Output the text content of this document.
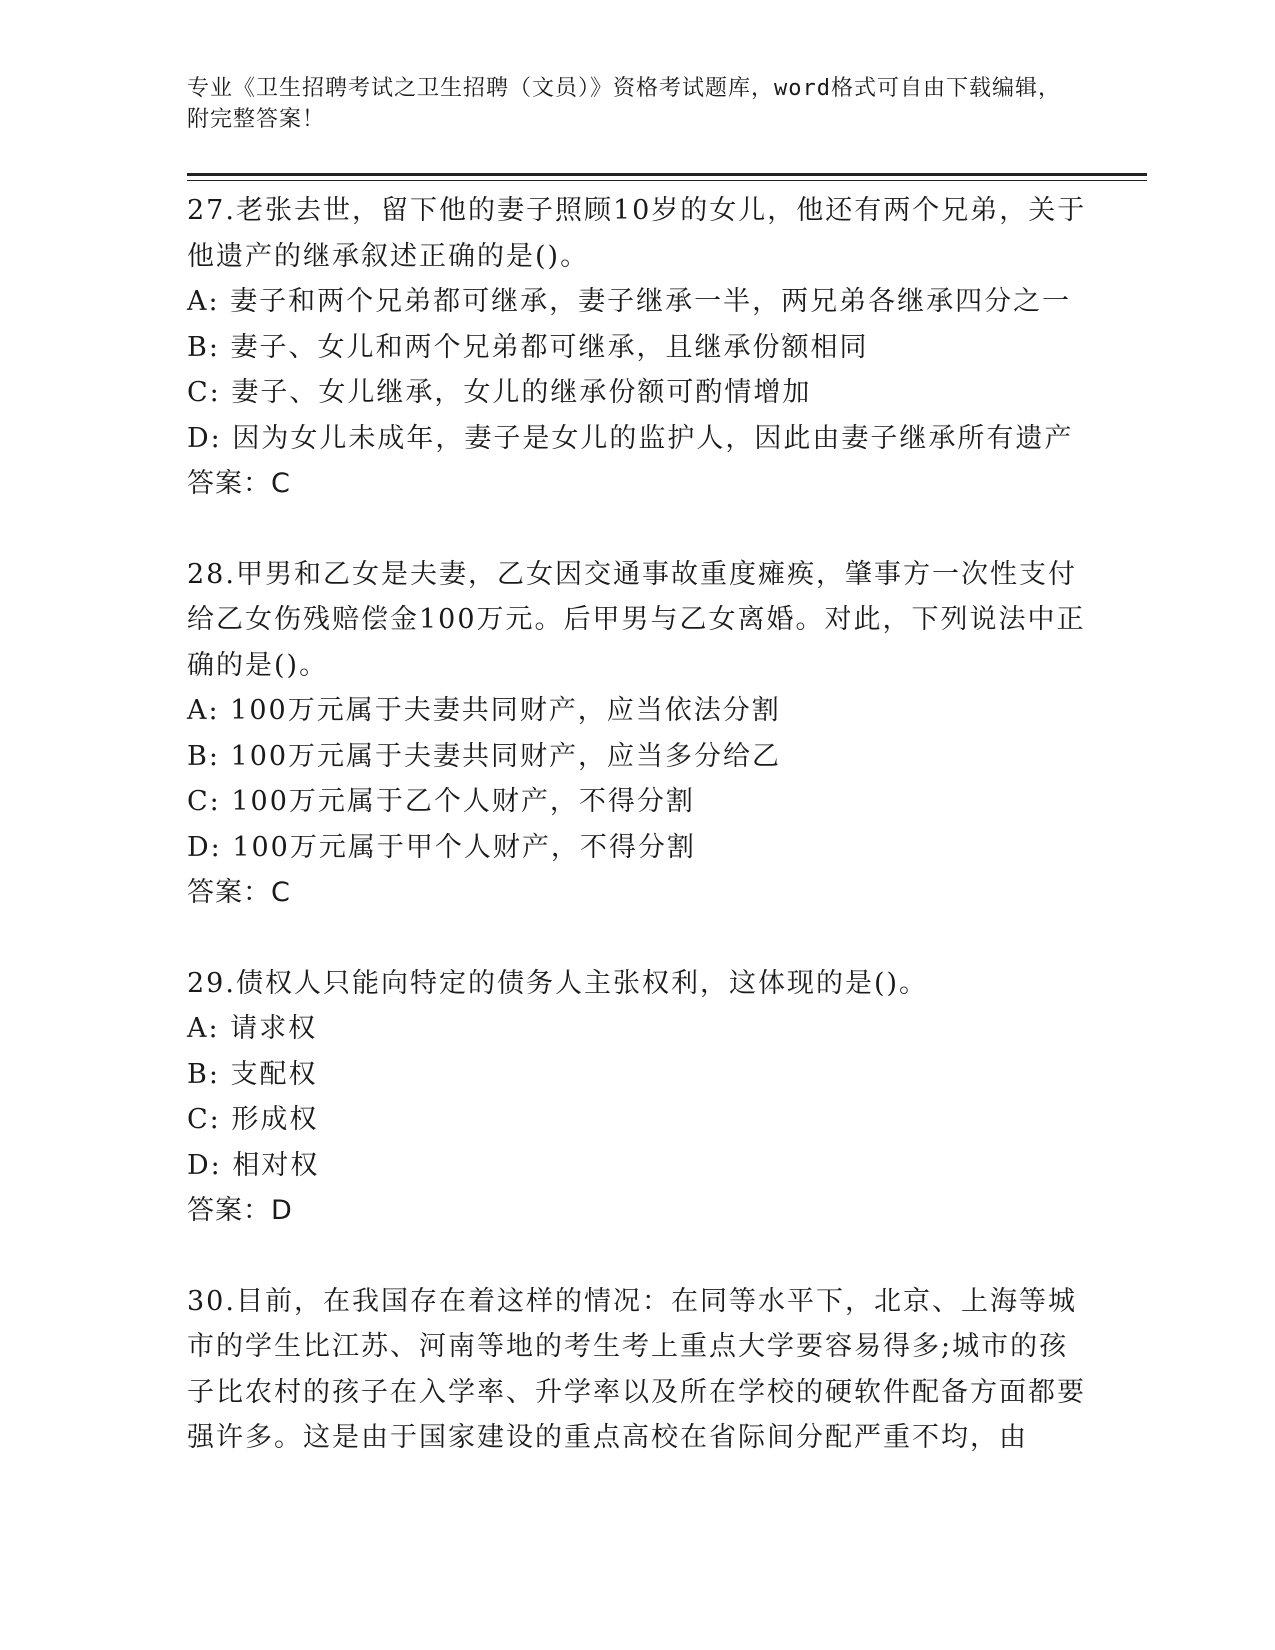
专业《卫生招聘考试之卫生招聘（文员）》资格考试题库，word格式可自由下载编辑，附完整答案！

27.老张去世，留下他的妻子照顾10岁的女儿，他还有两个兄弟，关于他遗产的继承叙述正确的是()。

A: 妻子和两个兄弟都可继承，妻子继承一半，两兄弟各继承四分之一

B: 妻子、女儿和两个兄弟都可继承，且继承份额相同

C: 妻子、女儿继承，女儿的继承份额可酌情增加

D: 因为女儿未成年，妻子是女儿的监护人，因此由妻子继承所有遗产

答案：C

28.甲男和乙女是夫妻，乙女因交通事故重度瘫痪，肇事方一次性支付给乙女伤残赔偿金100万元。后甲男与乙女离婚。对此，下列说法中正确的是()。

A: 100万元属于夫妻共同财产，应当依法分割

B: 100万元属于夫妻共同财产，应当多分给乙

C: 100万元属于乙个人财产，不得分割

D: 100万元属于甲个人财产，不得分割

答案：C

29.债权人只能向特定的债务人主张权利，这体现的是()。

A: 请求权

B: 支配权

C: 形成权

D: 相对权

答案：D

30.目前，在我国存在着这样的情况：在同等水平下，北京、上海等城市的学生比江苏、河南等地的考生考上重点大学要容易得多;城市的孩子比农村的孩子在入学率、升学率以及所在学校的硬软件配备方面都要强许多。这是由于国家建设的重点高校在省际间分配严重不均，由
